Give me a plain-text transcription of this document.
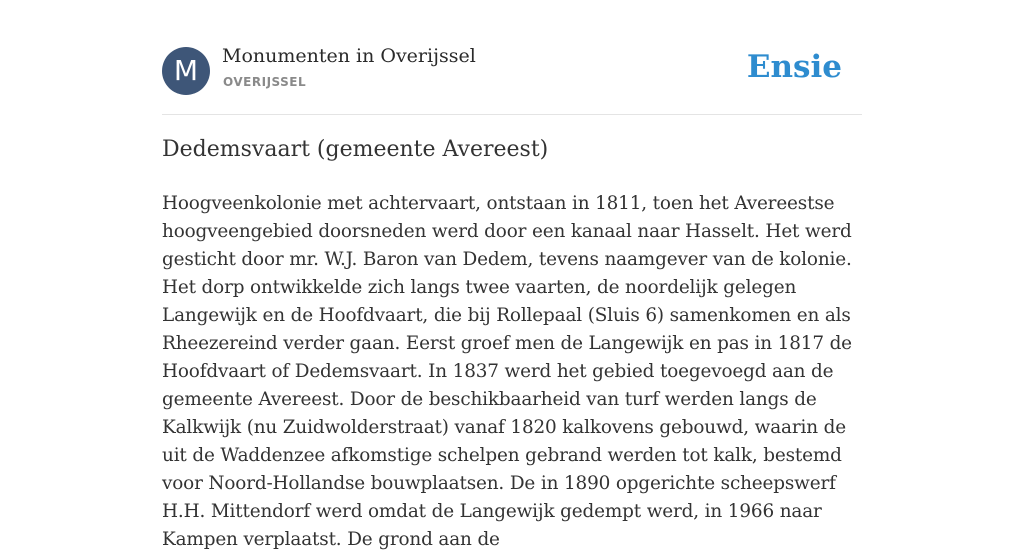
M	Monumenten in Overijssel
OVERIJSSEL	Ensie
Dedemsvaart (gemeente Avereest)

Hoogveenkolonie met achtervaart, ontstaan in 1811, toen het Avereestse hoogveengebied doorsneden werd door een kanaal naar Hasselt. Het werd gesticht door mr. W.J. Baron van Dedem, tevens naamgever van de kolonie. Het dorp ontwikkelde zich langs twee vaarten, de noordelijk gelegen Langewijk en de Hoofdvaart, die bij Rollepaal (Sluis 6) samenkomen en als Rheezereind verder gaan. Eerst groef men de Langewijk en pas in 1817 de Hoofdvaart of Dedemsvaart. In 1837 werd het gebied toegevoegd aan de gemeente Avereest. Door de beschikbaarheid van turf werden langs de Kalkwijk (nu Zuidwolderstraat) vanaf 1820 kalkovens gebouwd, waarin de uit de Waddenzee afkomstige schelpen gebrand werden tot kalk, bestemd voor Noord-Hollandse bouwplaatsen. De in 1890 opgerichte scheepswerf H.H. Mittendorf werd omdat de Langewijk gedempt werd, in 1966 naar Kampen verplaatst. De grond aan de
